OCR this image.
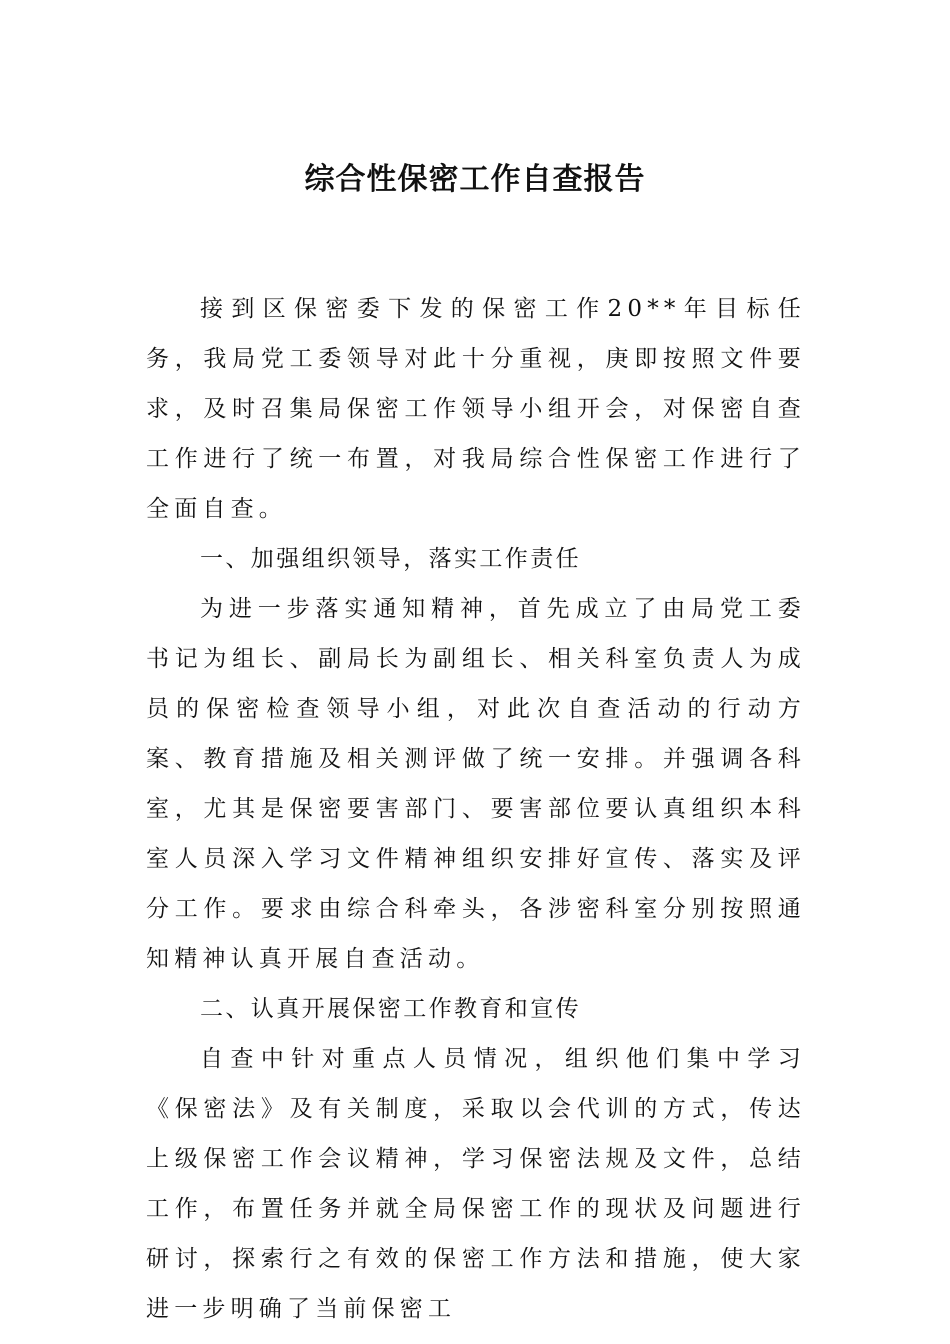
综合性保密工作自查报告

接到区保密委下发的保密工作20**年目标任务，我局党工委领导对此十分重视，庚即按照文件要求，及时召集局保密工作领导小组开会，对保密自查工作进行了统一布置，对我局综合性保密工作进行了全面自查。

一、加强组织领导，落实工作责任

为进一步落实通知精神，首先成立了由局党工委书记为组长、副局长为副组长、相关科室负责人为成员的保密检查领导小组，对此次自查活动的行动方案、教育措施及相关测评做了统一安排。并强调各科室，尤其是保密要害部门、要害部位要认真组织本科室人员深入学习文件精神组织安排好宣传、落实及评分工作。要求由综合科牵头，各涉密科室分别按照通知精神认真开展自查活动。

二、认真开展保密工作教育和宣传

自查中针对重点人员情况，组织他们集中学习《保密法》及有关制度，采取以会代训的方式，传达上级保密工作会议精神，学习保密法规及文件，总结工作，布置任务并就全局保密工作的现状及问题进行研讨，探索行之有效的保密工作方法和措施，使大家进一步明确了当前保密工
